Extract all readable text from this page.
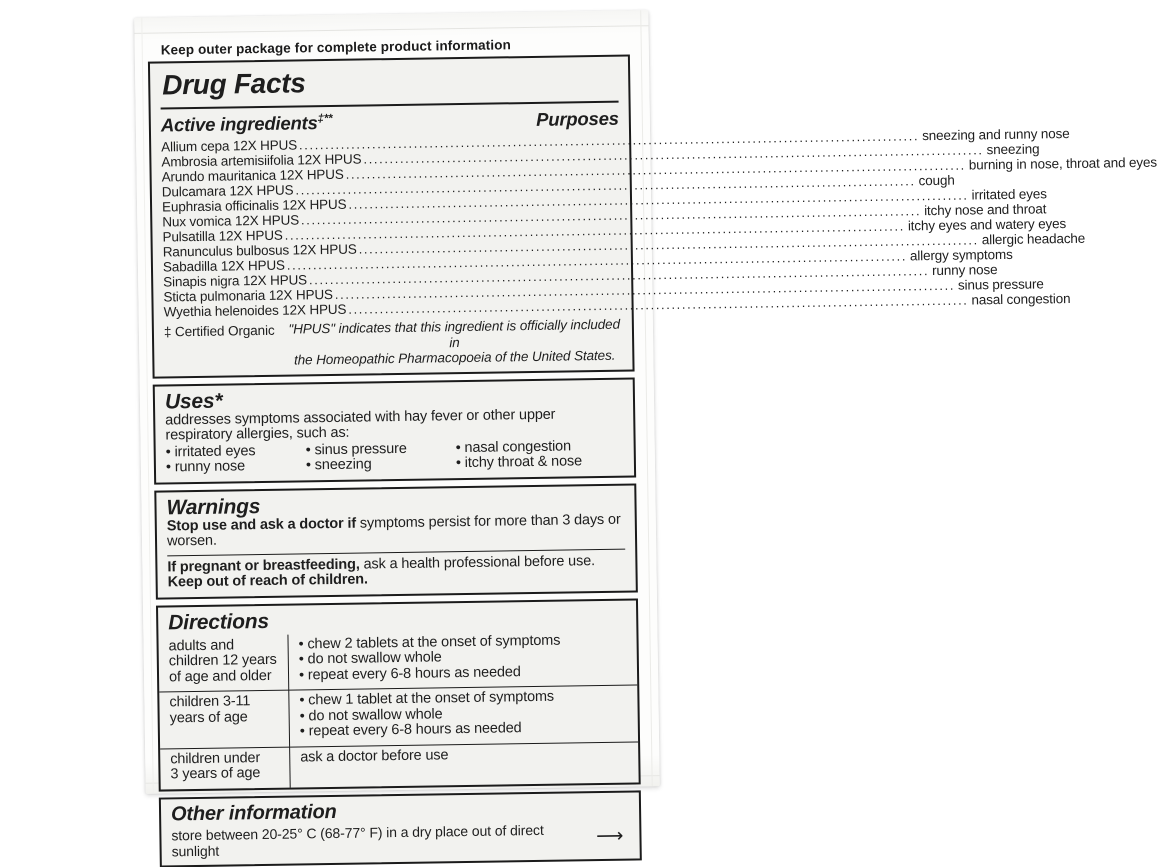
Keep outer package for complete product information
Drug Facts
Active ingredients‡**	Purposes
Allium cepa 12X HPUS
.....
sneezing and runny nose
Ambrosia artemisiifolia 12X HPUS
.....
sneezing
Arundo mauritanica 12X HPUS
.....
burning in nose, throat and eyes
Dulcamara 12X HPUS
.....
cough
Euphrasia officinalis 12X HPUS
.....
irritated eyes
Nux vomica 12X HPUS
.....
itchy nose and throat
Pulsatilla 12X HPUS
.....
itchy eyes and watery eyes
Ranunculus bulbosus 12X HPUS
.....
allergic headache
Sabadilla 12X HPUS
.....
allergy symptoms
Sinapis nigra 12X HPUS
.....
runny nose
Sticta pulmonaria 12X HPUS
.....
sinus pressure
Wyethia helenoides 12X HPUS
.....
nasal congestion
‡ Certified Organic "HPUS" indicates that this ingredient is officially included in
the Homeopathic Pharmacopoeia of the United States.
Uses*
addresses symptoms associated with hay fever or other upper
respiratory allergies, such as:
• irritated eyes
• runny nose
• sinus pressure
• sneezing
• nasal congestion
• itchy throat & nose
Warnings
Stop use and ask a doctor if symptoms persist for more than 3 days or worsen.
If pregnant or breastfeeding, ask a health professional before use.
Keep out of reach of children.
Directions
adults and
children 12 years
of age and older
• chew 2 tablets at the onset of symptoms
• do not swallow whole
• repeat every 6-8 hours as needed
children 3-11
years of age
• chew 1 tablet at the onset of symptoms
• do not swallow whole
• repeat every 6-8 hours as needed
children under
3 years of age
ask a doctor before use
Other information
store between 20-25° C (68-77° F) in a dry place out of direct sunlight
⟶
